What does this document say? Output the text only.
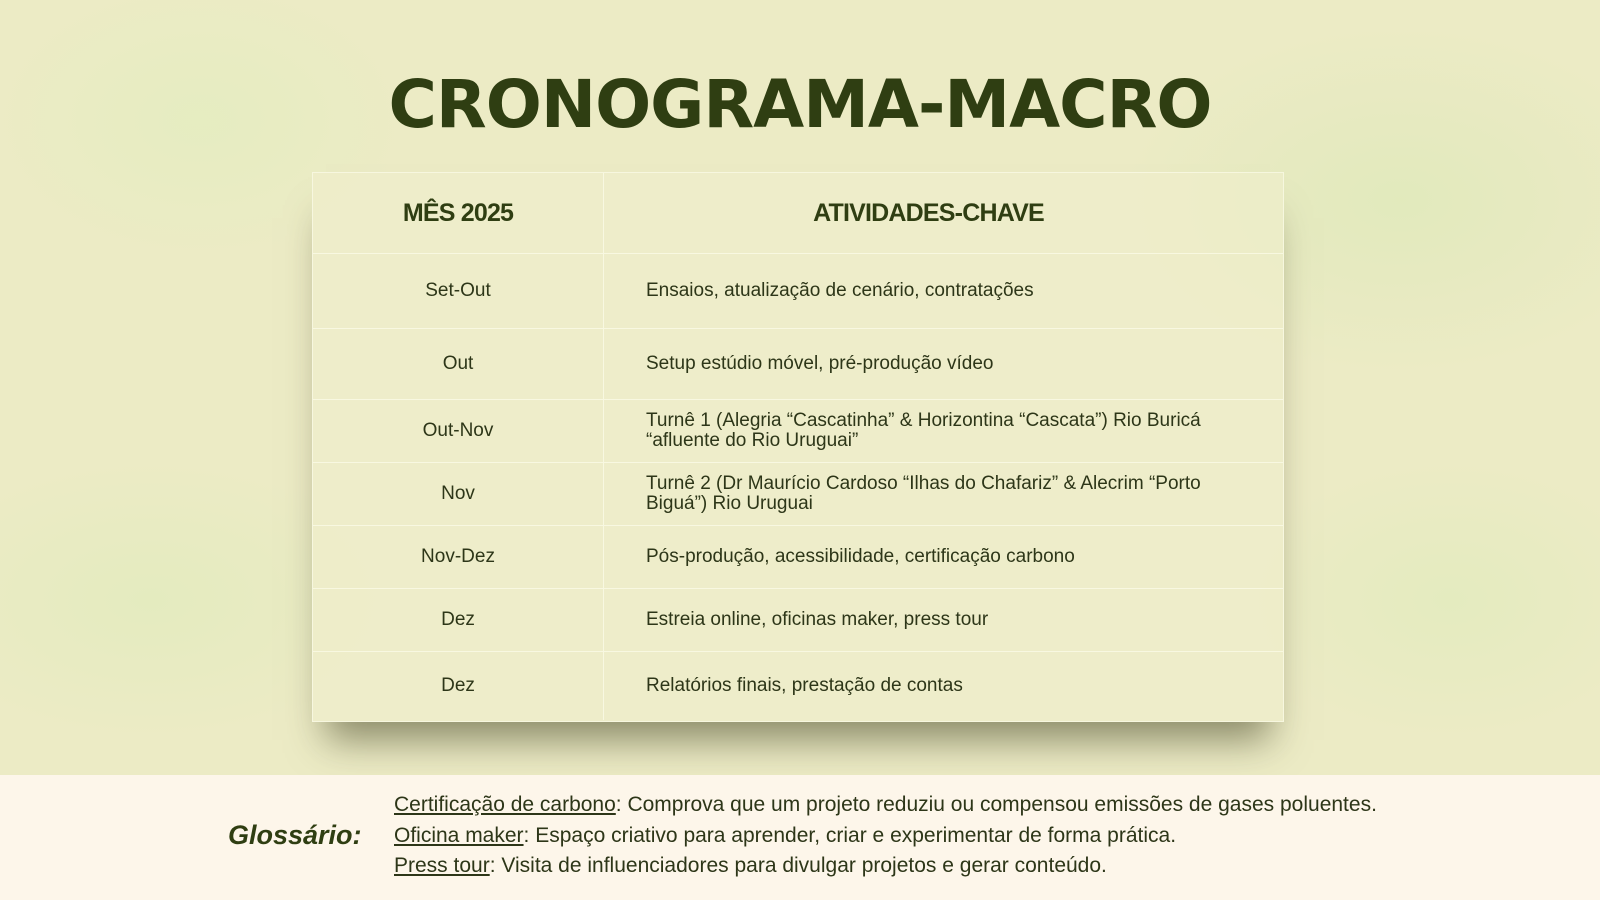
CRONOGRAMA-MACRO
MÊS 2025	ATIVIDADES-CHAVE
Set-Out	Ensaios, atualização de cenário, contratações
Out	Setup estúdio móvel, pré-produção vídeo
Out-Nov	Turnê 1 (Alegria “Cascatinha” & Horizontina “Cascata”) Rio Buricá “afluente do Rio Uruguai”
Nov	Turnê 2 (Dr Maurício Cardoso “Ilhas do Chafariz” & Alecrim “Porto Biguá”) Rio Uruguai
Nov-Dez	Pós-produção, acessibilidade, certificação carbono
Dez	Estreia online, oficinas maker, press tour
Dez	Relatórios finais, prestação de contas
Glossário:
Certificação de carbono: Comprova que um projeto reduziu ou compensou emissões de gases poluentes.
Oficina maker: Espaço criativo para aprender, criar e experimentar de forma prática.
Press tour: Visita de influenciadores para divulgar projetos e gerar conteúdo.
